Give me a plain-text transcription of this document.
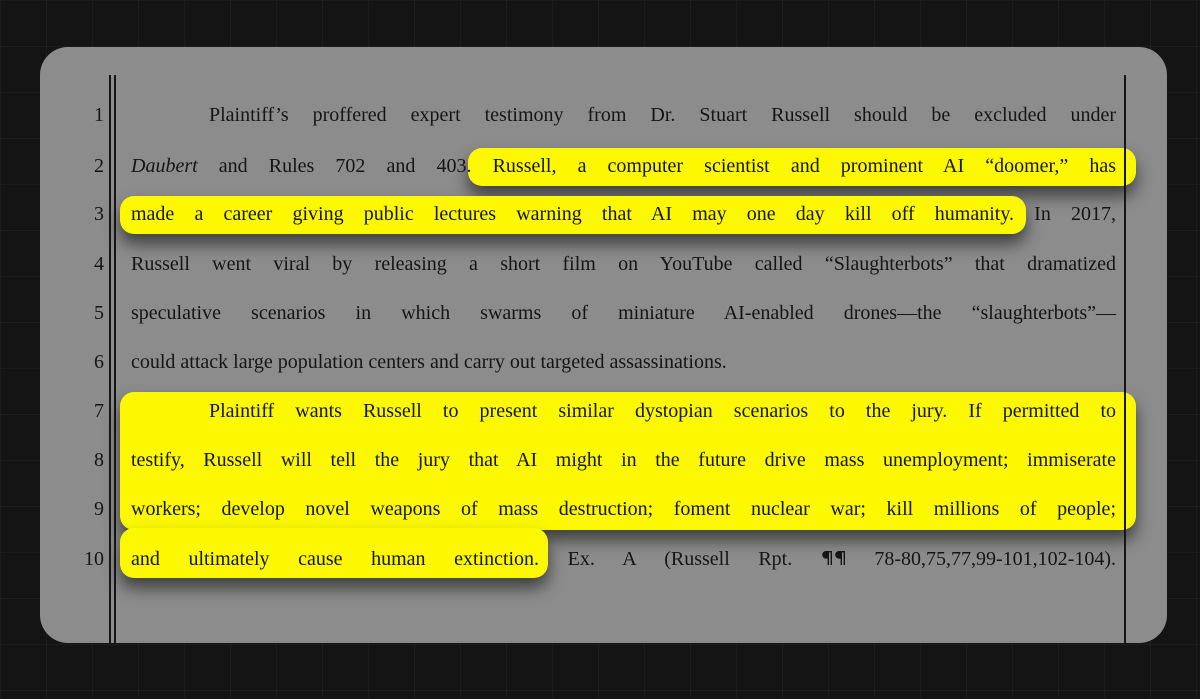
1
2
3
4
5
6
7
8
9
10

Plaintiff’s proffered expert testimony from Dr. Stuart Russell should be excluded under

Daubert and Rules 702 and 403. Russell, a computer scientist and prominent AI “doomer,” has

made a career giving public lectures warning that AI may one day kill off humanity. In 2017,

Russell went viral by releasing a short film on YouTube called “Slaughterbots” that dramatized

speculative scenarios in which swarms of miniature AI-enabled drones—the “slaughterbots”—

could attack large population centers and carry out targeted assassinations.

Plaintiff wants Russell to present similar dystopian scenarios to the jury. If permitted to

testify, Russell will tell the jury that AI might in the future drive mass unemployment; immiserate

workers; develop novel weapons of mass destruction; foment nuclear war; kill millions of people;

and ultimately cause human extinction. Ex. A (Russell Rpt.  78-80,75,77,99-101,102-104).
